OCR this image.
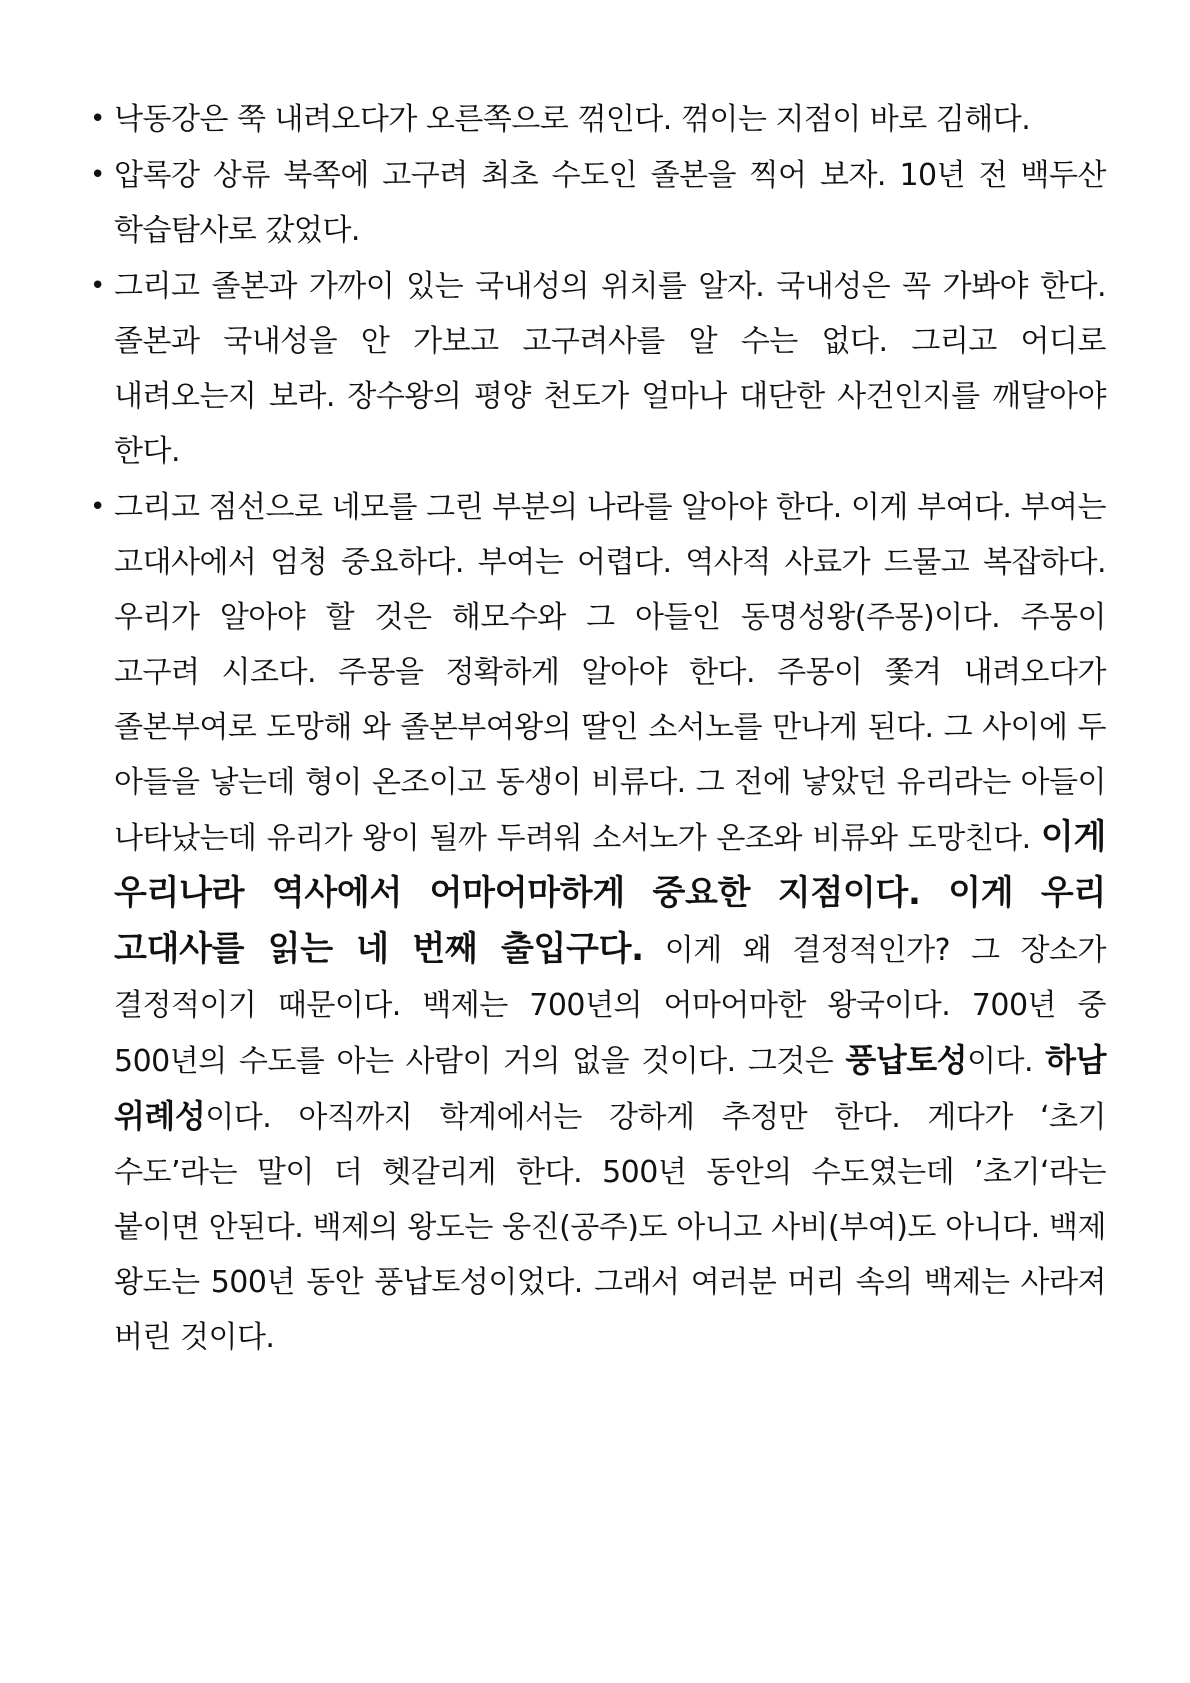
• 낙동강은 쭉 내려오다가 오른쪽으로 꺾인다. 꺾이는 지점이 바로 김해다.
• 압록강 상류 북쪽에 고구려 최초 수도인 졸본을 찍어 보자. 10년 전 백두산 학습탐사로 갔었다.
• 그리고 졸본과 가까이 있는 국내성의 위치를 알자. 국내성은 꼭 가봐야 한다. 졸본과 국내성을 안 가보고 고구려사를 알 수는 없다. 그리고 어디로 내려오는지 보라. 장수왕의 평양 천도가 얼마나 대단한 사건인지를 깨달아야 한다.
• 그리고 점선으로 네모를 그린 부분의 나라를 알아야 한다. 이게 부여다. 부여는 고대사에서 엄청 중요하다. 부여는 어렵다. 역사적 사료가 드물고 복잡하다. 우리가 알아야 할 것은 해모수와 그 아들인 동명성왕(주몽)이다. 주몽이 고구려 시조다. 주몽을 정확하게 알아야 한다. 주몽이 쫓겨 내려오다가 졸본부여로 도망해 와 졸본부여왕의 딸인 소서노를 만나게 된다. 그 사이에 두 아들을 낳는데 형이 온조이고 동생이 비류다. 그 전에 낳았던 유리라는 아들이 나타났는데 유리가 왕이 될까 두려워 소서노가 온조와 비류와 도망친다. 이게 우리나라 역사에서 어마어마하게 중요한 지점이다. 이게 우리 고대사를 읽는 네 번째 출입구다. 이게 왜 결정적인가? 그 장소가 결정적이기 때문이다. 백제는 700년의 어마어마한 왕국이다. 700년 중 500년의 수도를 아는 사람이 거의 없을 것이다. 그것은 풍납토성이다. 하남 위례성이다. 아직까지 학계에서는 강하게 추정만 한다. 게다가 ‘초기 수도’라는 말이 더 헷갈리게 한다. 500년 동안의 수도였는데 ’초기‘라는 붙이면 안된다. 백제의 왕도는 웅진(공주)도 아니고 사비(부여)도 아니다. 백제 왕도는 500년 동안 풍납토성이었다. 그래서 여러분 머리 속의 백제는 사라져 버린 것이다.
